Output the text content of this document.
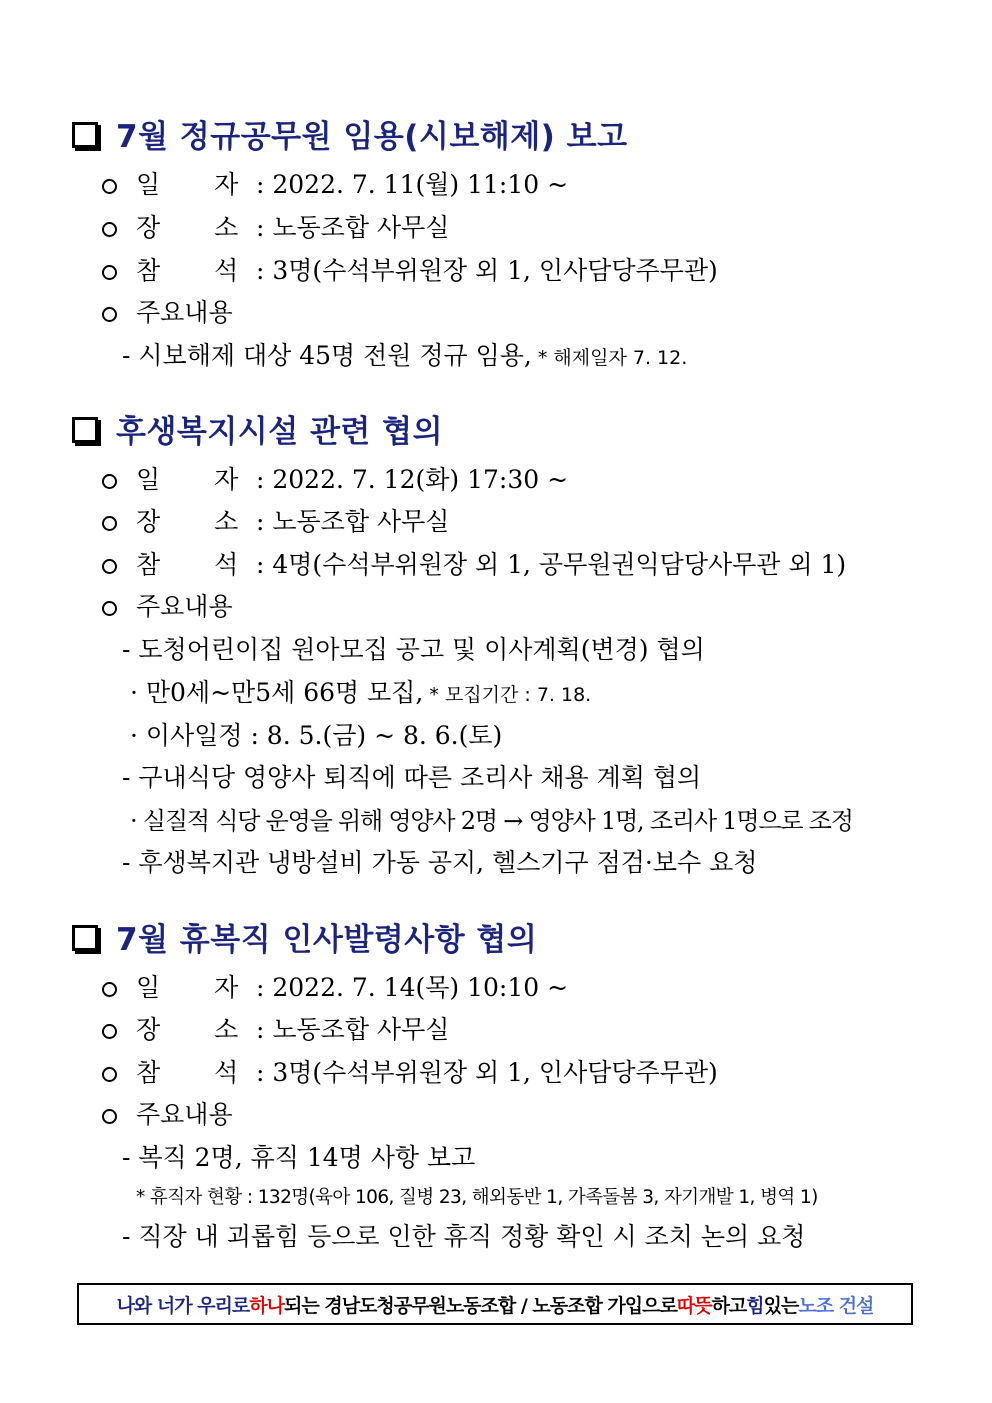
7월 정규공무원 임용(시보해제) 보고
일 자 : 2022. 7. 11(월) 11:10 ~
장 소 : 노동조합 사무실
참 석 : 3명(수석부위원장 외 1, 인사담당주무관)
주요내용
- 시보해제 대상 45명 전원 정규 임용, * 해제일자 7. 12.
후생복지시설 관련 협의
일 자 : 2022. 7. 12(화) 17:30 ~
장 소 : 노동조합 사무실
참 석 : 4명(수석부위원장 외 1, 공무원권익담당사무관 외 1)
주요내용
- 도청어린이집 원아모집 공고 및 이사계획(변경) 협의
· 만0세~만5세 66명 모집, * 모집기간 : 7. 18.
· 이사일정 : 8. 5.(금) ~ 8. 6.(토)
- 구내식당 영양사 퇴직에 따른 조리사 채용 계획 협의
· 실질적 식당 운영을 위해 영양사 2명 → 영양사 1명, 조리사 1명으로 조정
- 후생복지관 냉방설비 가동 공지, 헬스기구 점검·보수 요청
7월 휴복직 인사발령사항 협의
일 자 : 2022. 7. 14(목) 10:10 ~
장 소 : 노동조합 사무실
참 석 : 3명(수석부위원장 외 1, 인사담당주무관)
주요내용
- 복직 2명, 휴직 14명 사항 보고
* 휴직자 현황 : 132명(육아 106, 질병 23, 해외동반 1, 가족돌봄 3, 자기개발 1, 병역 1)
- 직장 내 괴롭힘 등으로 인한 휴직 정황 확인 시 조치 논의 요청
나와 너가 우리로 하나 되는 경남도청공무원노동조합 / 노동조합 가입으로 따뜻 하고 힘 있는 노조 건설
